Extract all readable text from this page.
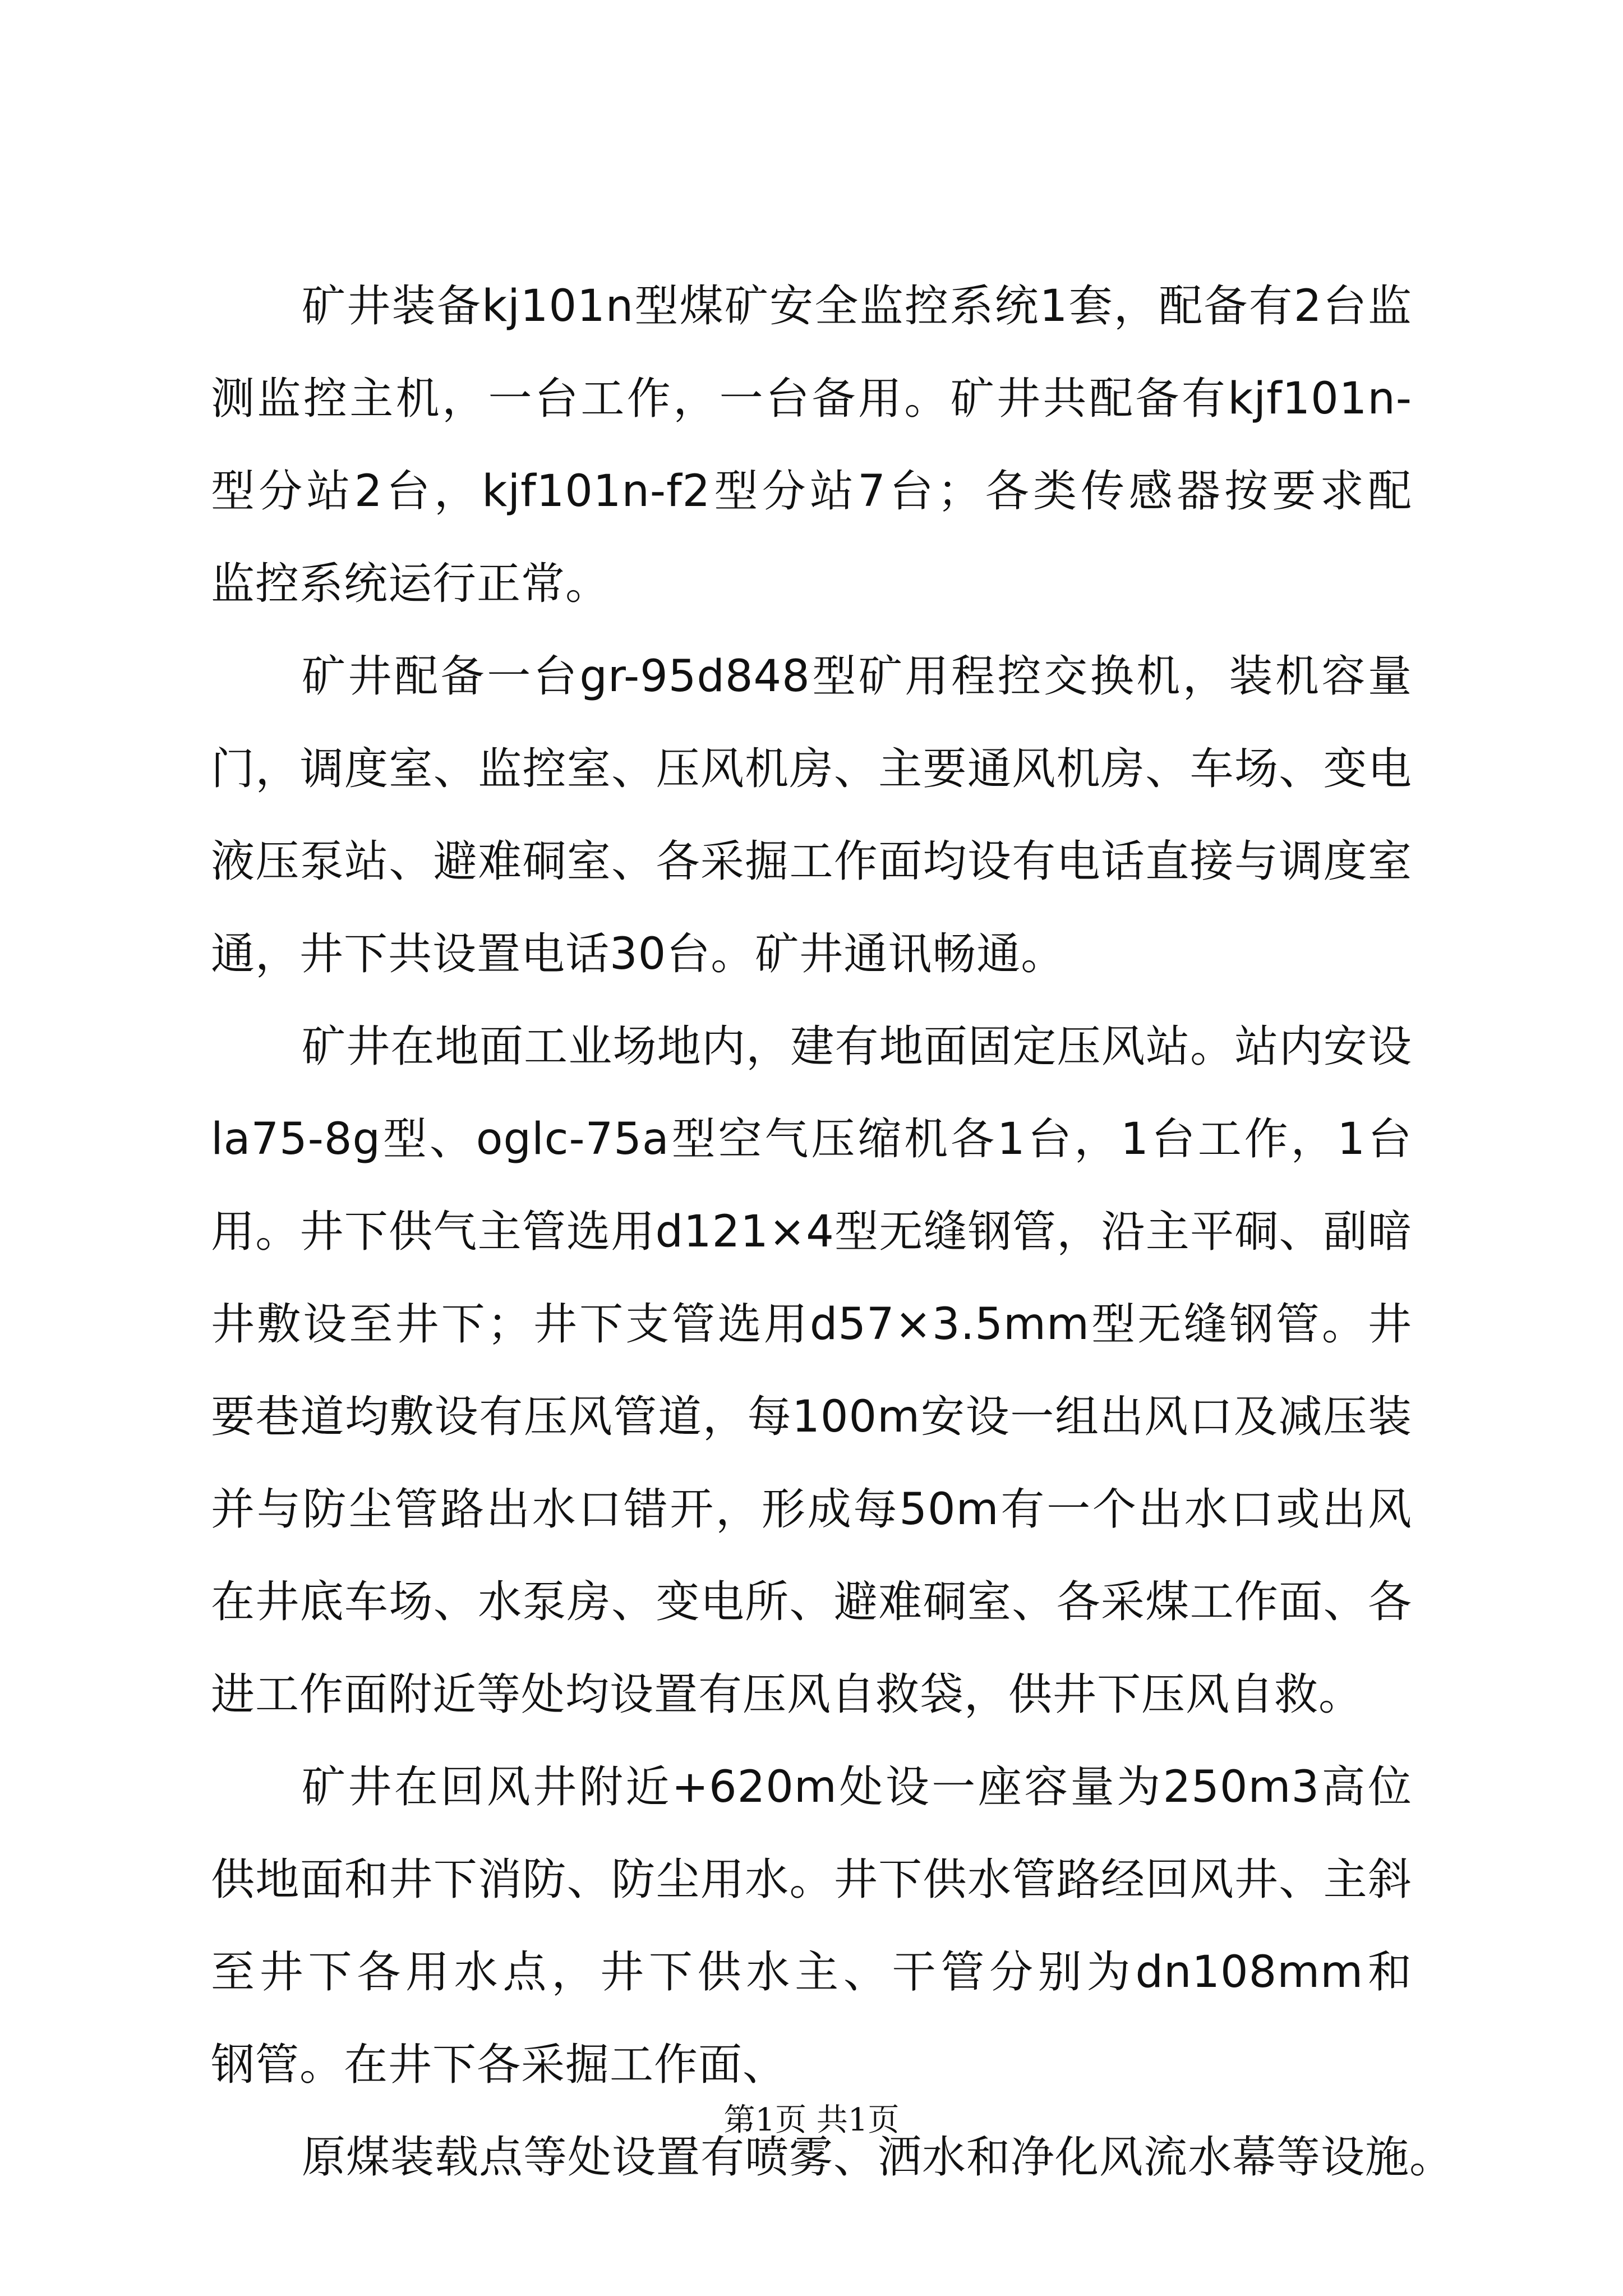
矿井装备kj101n型煤矿安全监控系统1套，配备有2台监
测监控主机，一台工作，一台备用。矿井共配备有kjf101n-
型分站2台，kjf101n-f2型分站7台；各类传感器按要求配
监控系统运行正常。
矿井配备一台gr-95d848型矿用程控交换机，装机容量
门，调度室、监控室、压风机房、主要通风机房、车场、变电
液压泵站、避难硐室、各采掘工作面均设有电话直接与调度室
通，井下共设置电话30台。矿井通讯畅通。
矿井在地面工业场地内，建有地面固定压风站。站内安设
la75-8g型、oglc-75a型空气压缩机各1台，1台工作，1台
用。井下供气主管选用d121×4型无缝钢管，沿主平硐、副暗
井敷设至井下；井下支管选用d57×3.5mm型无缝钢管。井
要巷道均敷设有压风管道，每100m安设一组出风口及减压装
并与防尘管路出水口错开，形成每50m有一个出水口或出风
在井底车场、水泵房、变电所、避难硐室、各采煤工作面、各
进工作面附近等处均设置有压风自救袋，供井下压风自救。
矿井在回风井附近+620m处设一座容量为250m3高位
供地面和井下消防、防尘用水。井下供水管路经回风井、主斜
至井下各用水点，井下供水主、干管分别为dn108mm和
钢管。在井下各采掘工作面、
原煤装载点等处设置有喷雾、洒水和净化风流水幕等设施。
第1页 共1页
